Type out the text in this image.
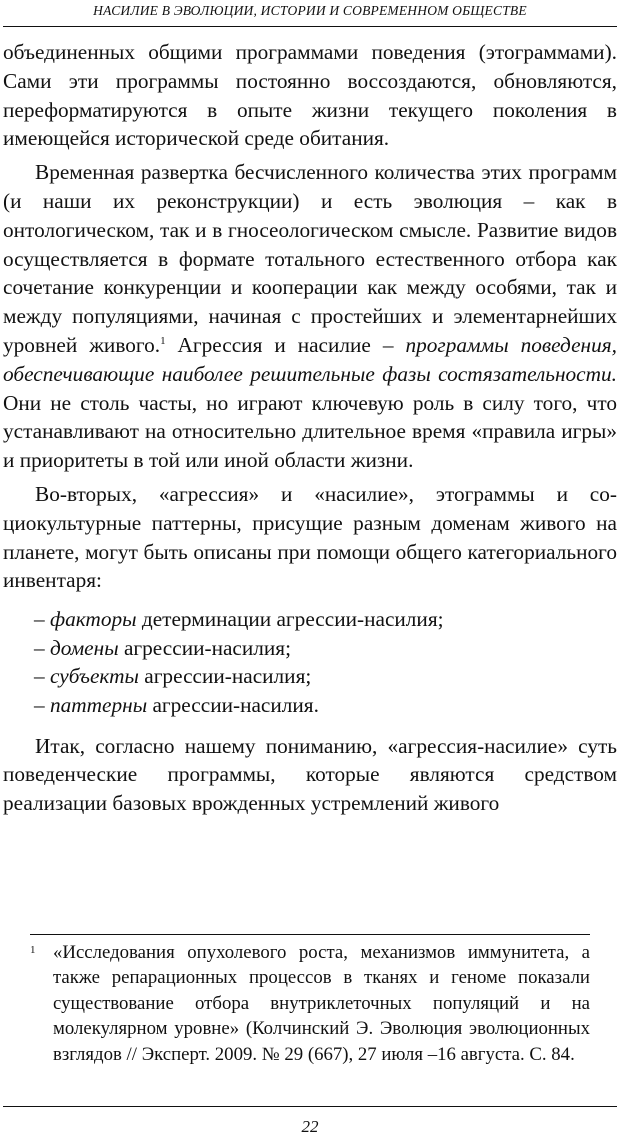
НАСИЛИЕ В ЭВОЛЮЦИИ, ИСТОРИИ И СОВРЕМЕННОМ ОБЩЕСТВЕ

объединенных общими программами поведения (этограммами). Сами эти программы постоянно воссоздаются, обновляются, переформатируются в опыте жизни текущего поколения в имеющейся исторической среде обитания.

Временная развертка бесчисленного количества этих программ (и наши их реконструкции) и есть эволюция – как в онтологическом, так и в гносеологическом смысле. Развитие видов осуществляется в формате тотального естественного отбора как сочетание конкуренции и кооперации как между особями, так и между популяциями, начиная с простейших и элементарнейших уровней живого.$^1$ Агрессия и насилие – программы поведения, обеспечивающие наиболее решительные фазы состязательности. Они не столь часты, но играют ключевую роль в силу того, что устанавливают на относительно длительное время «правила игры» и приоритеты в той или иной области жизни.

Во-вторых, «агрессия» и «насилие», этограммы и социокультурные паттерны, присущие разным доменам живого на планете, могут быть описаны при помощи общего категориального инвентаря:

– факторы детерминации агрессии-насилия;
– домены агрессии-насилия;
– субъекты агрессии-насилия;
– паттерны агрессии-насилия.

Итак, согласно нашему пониманию, «агрессия-насилие» суть поведенческие программы, которые являются средством реализации базовых врожденных устремлений живого

1 «Исследования опухолевого роста, механизмов иммунитета, а также репарационных процессов в тканях и геноме показали существование отбора внутриклеточных популяций и на молекулярном уровне» (Колчинский Э. Эволюция эволюционных взглядов // Эксперт. 2009. № 29 (667), 27 июля –16 августа. С. 84.
22
